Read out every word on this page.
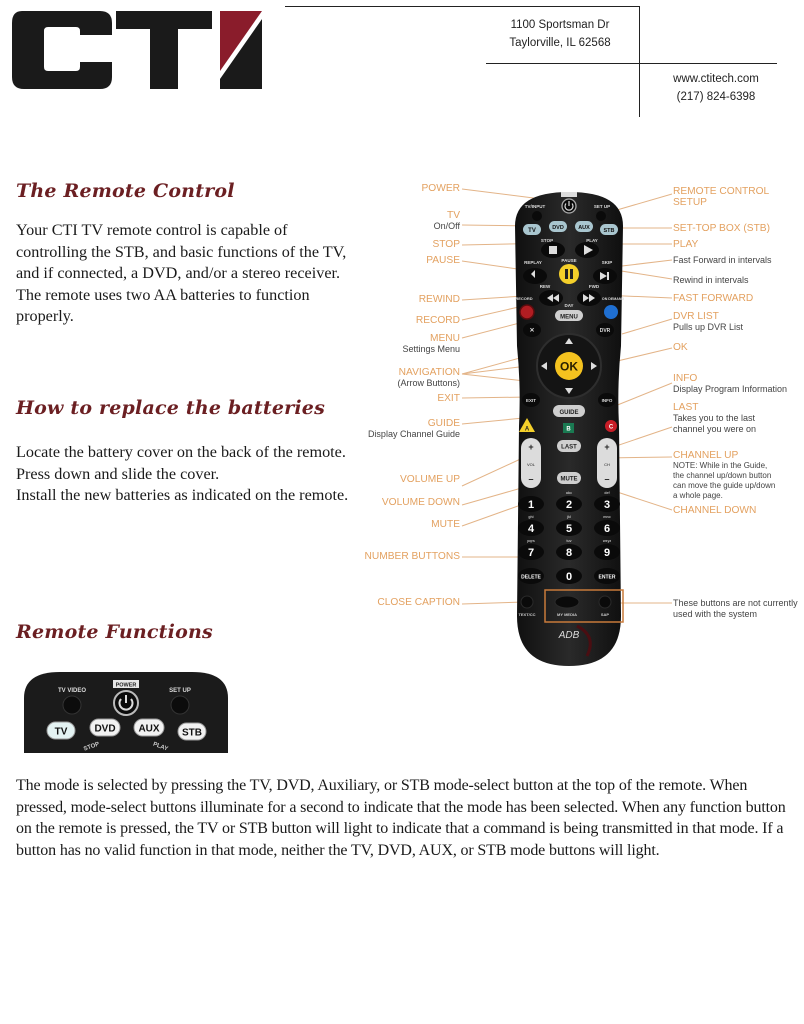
1100 Sportsman Dr
Taylorville, IL 62568
www.ctitech.com
(217) 824-6398
The Remote Control
Your CTI TV remote control is capable of controlling the STB, and basic functions of the TV, and if connected, a DVD, and/or a stereo receiver. The remote uses two AA batteries to function properly.
How to replace the batteries
Locate the battery cover on the back of the remote.
Press down and slide the cover.
Install the new batteries as indicated on the remote.
Remote Functions
TV VIDEO
POWER
SET UP
TV	DVD AUX STB
STOP	PLAY
The mode is selected by pressing the TV, DVD, Auxiliary, or STB mode-select button at the top of the remote. When pressed, mode-select buttons illuminate for a second to indicate that the mode has been selected. When any function button on the remote is pressed, the TV or STB button will light to indicate that a command is being transmitted in that mode. If a button has no valid function in that mode, neither the TV, DVD, AUX, or STB mode buttons will light.
TV/INPUT	SET UP
TV	DVD	AUX STB
STOP	PLAY
PAUSE
REPLAY	SKIP
REW	FWD
DAY
RECORD	ON DEMAND
MENU
✕	DVR
OK
EXIT	INFO
GUIDE
A	B	C
+
VOL
–
+
CH
–
LAST
MUTE
1	2	3
abc	def
4	5	6
ghi	jkl	mno
7	8	9
pqrs	tuv	wxyz
DELETE 0	ENTER
TEXT/CC	MY MEDIA	SAP
ADB
POWER
TV
On/Off
STOP
PAUSE
REWIND
RECORD
MENU
Settings Menu
NAVIGATION
(Arrow Buttons)
EXIT
GUIDE
Display Channel Guide
VOLUME UP
VOLUME DOWN
MUTE
NUMBER BUTTONS
CLOSE CAPTION
REMOTE CONTROL
SETUP
SET-TOP BOX (STB)
PLAY
Fast Forward in intervals
Rewind in intervals
FAST FORWARD
DVR LIST
Pulls up DVR List
OK
INFO
Display Program Information
LAST
Takes you to the last
channel you were on
CHANNEL UP
NOTE: While in the Guide,
the channel up/down button
can move the guide up/down
a whole page.
CHANNEL DOWN
These buttons are not currently
used with the system
